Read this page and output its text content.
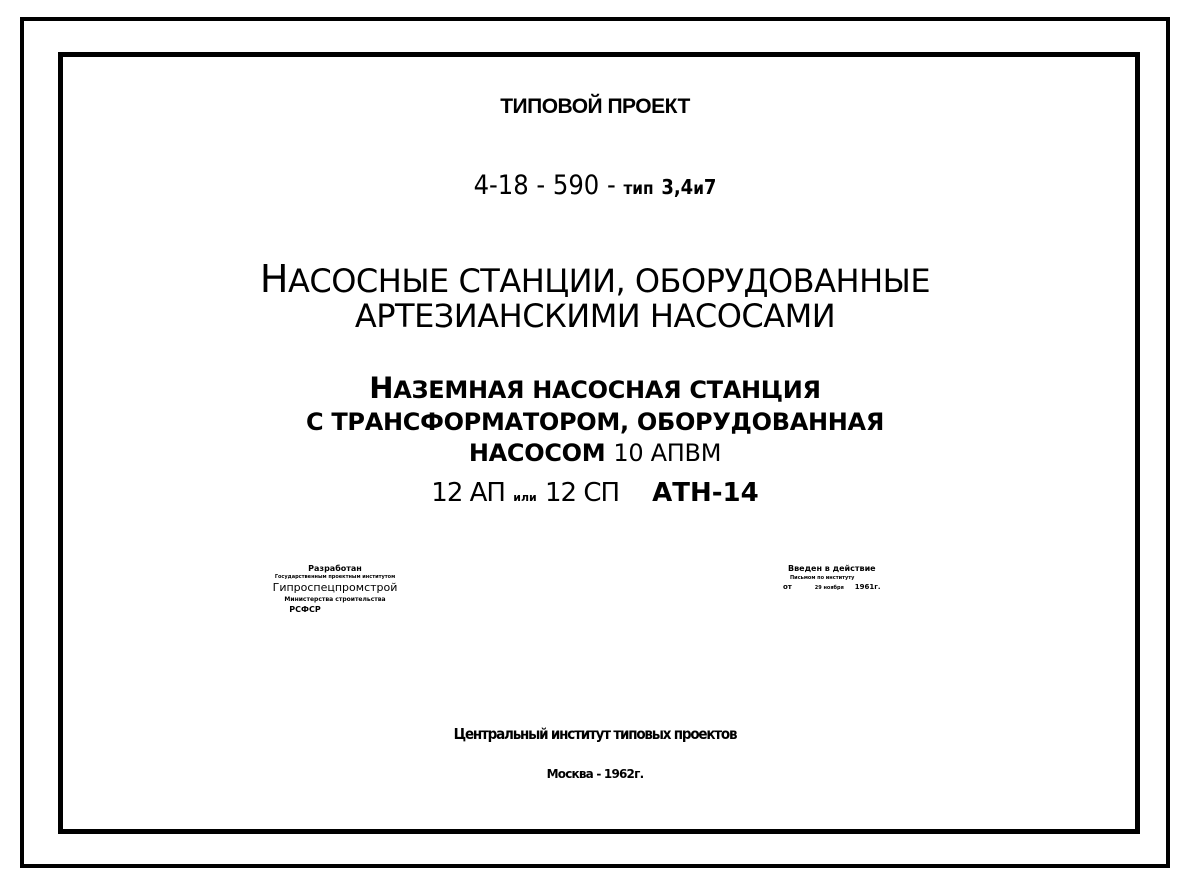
ТИПОВОЙ ПРОЕКТ
4-18 - 590 - тип 3,4и7
НАСОСНЫЕ СТАНЦИИ, ОБОРУДОВАННЫЕ
АРТЕЗИАНСКИМИ НАСОСАМИ
НАЗЕМНАЯ НАСОСНАЯ СТАНЦИЯ
С ТРАНСФОРМАТОРОМ, ОБОРУДОВАННАЯ
НАСОСОМ 10 АПВМ
12 АП или 12 СП АТН-14
Разработан
Государственным проектным институтом
Гипроспецпромстрой
Министерства строительства
РСФСР
Введен в действие
Письмом по институту
от	29 ноября 1961г.
Центральный институт типовых проектов
Москва - 1962г.
